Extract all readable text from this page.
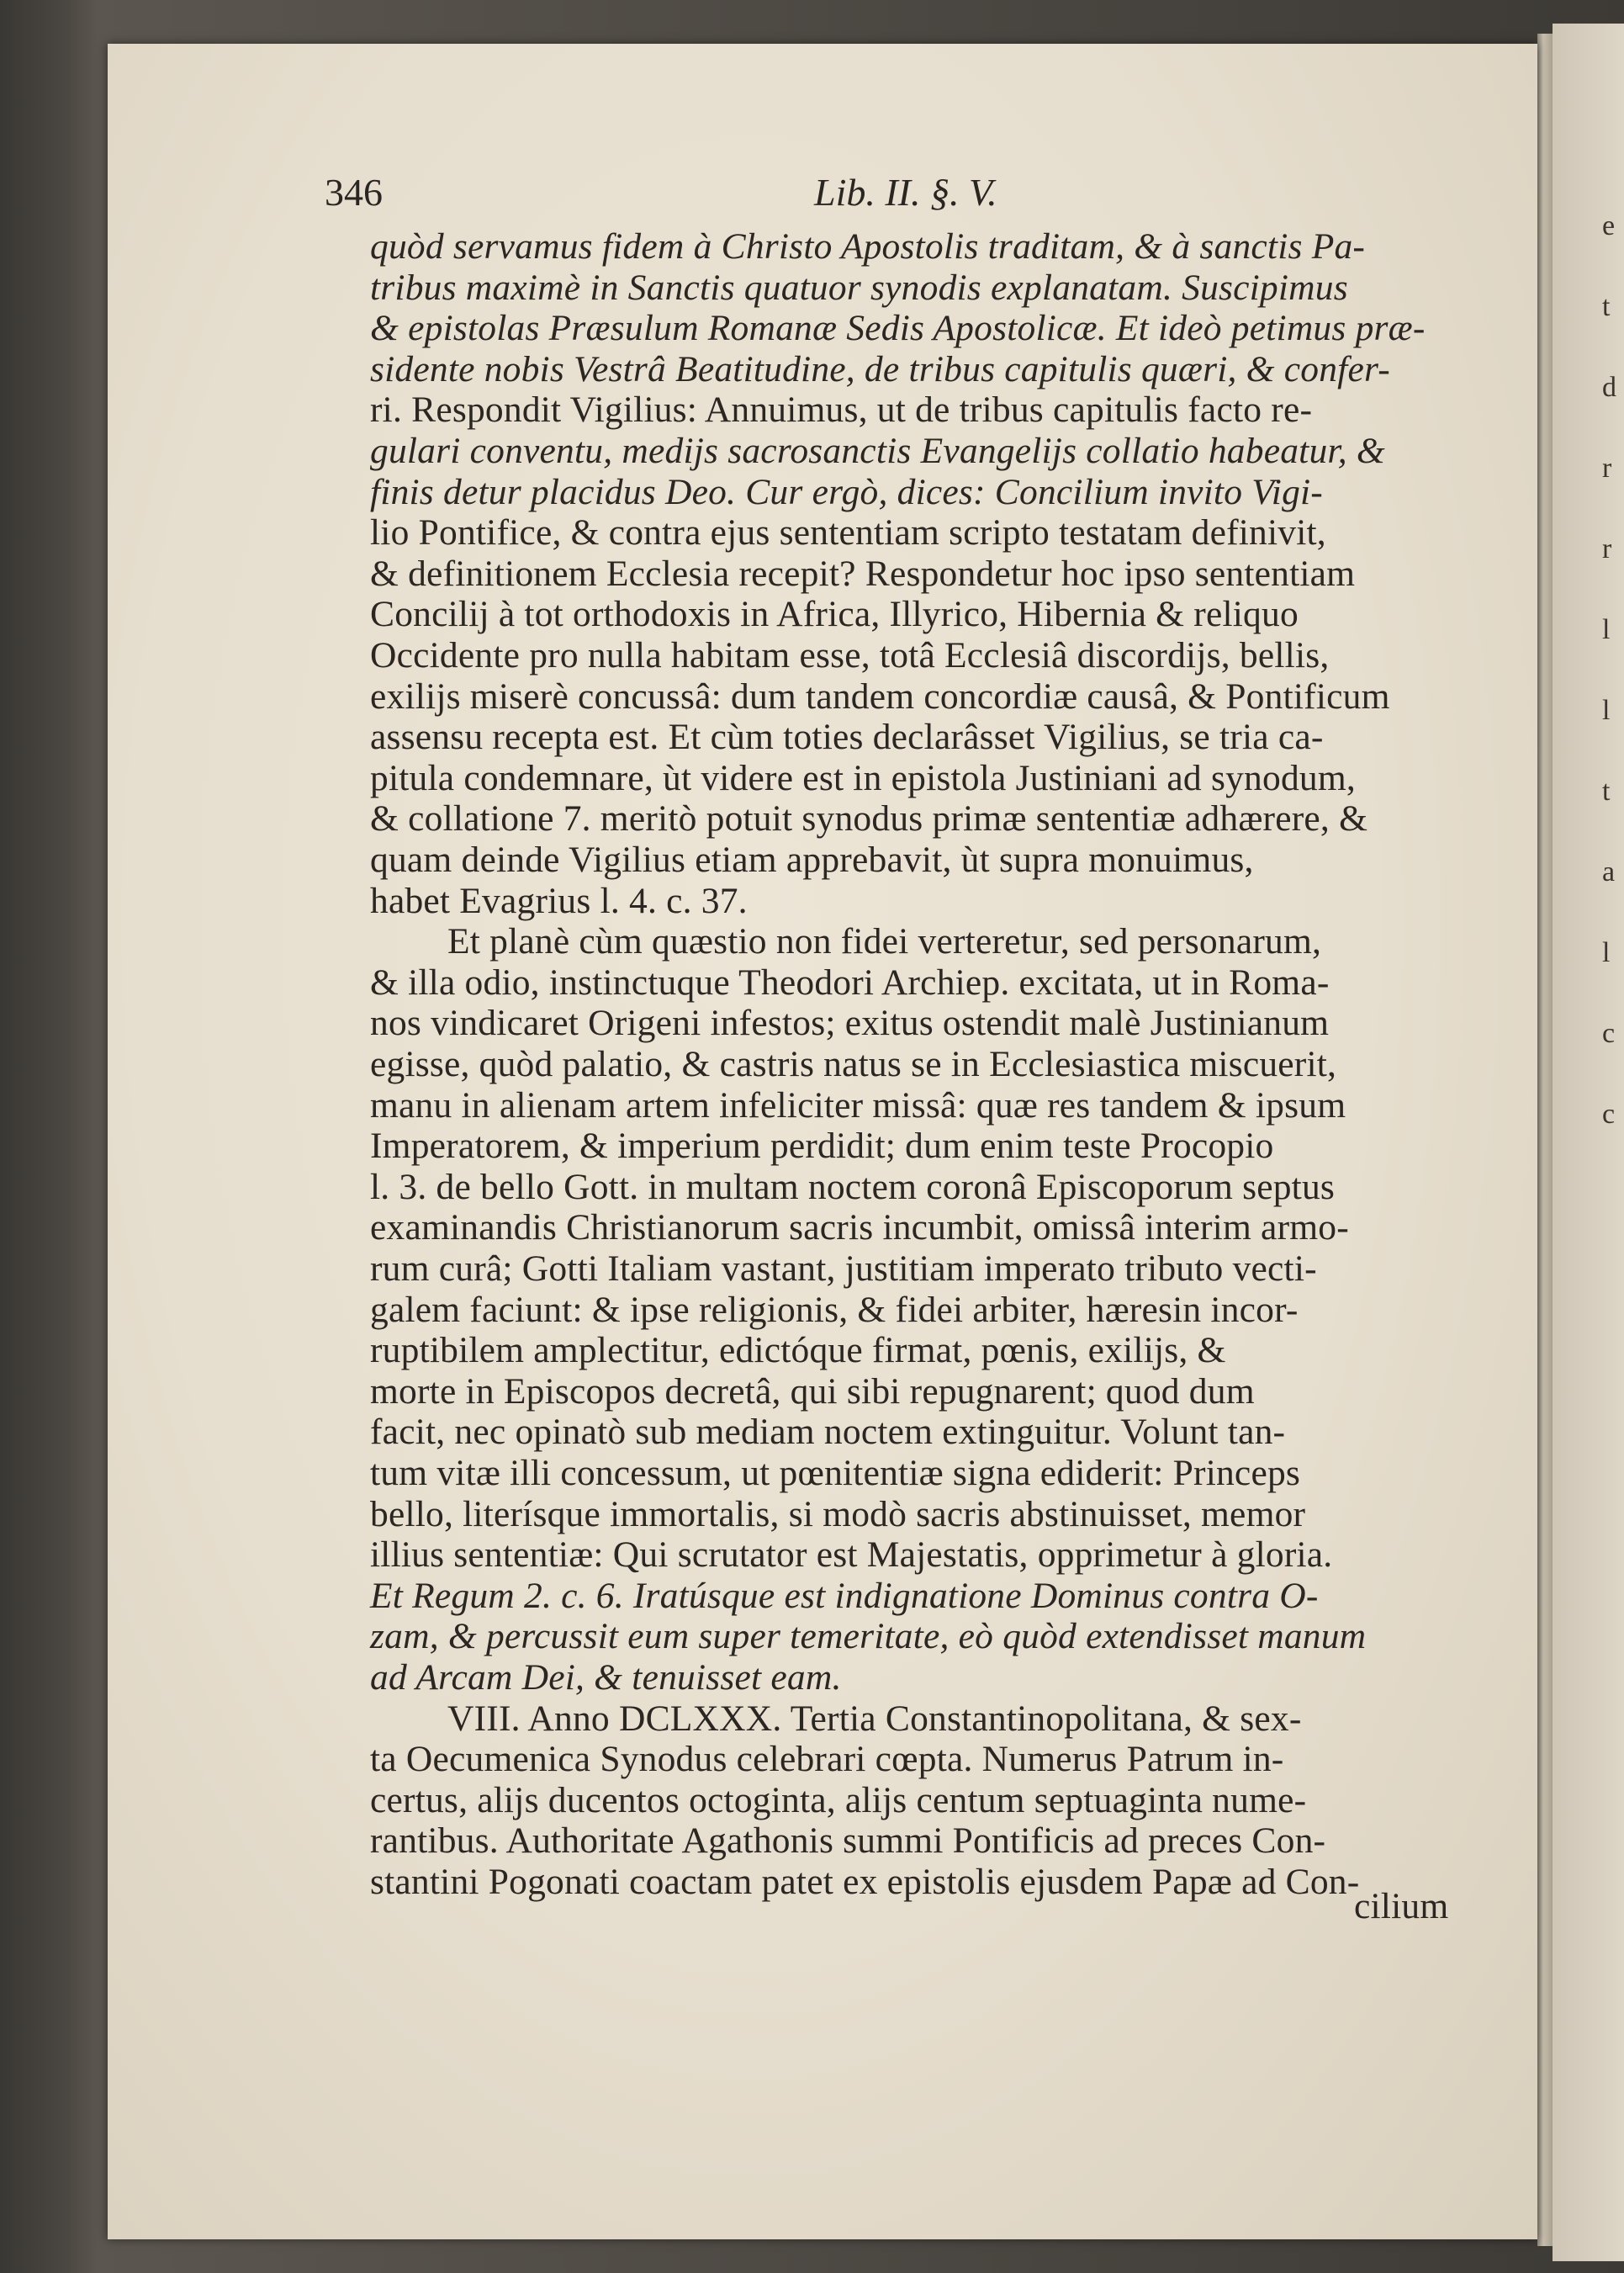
346	Lib. II. §. V.
quòd servamus fidem à Christo Apostolis traditam, & à sanctis Pa-
tribus maximè in Sanctis quatuor synodis explanatam. Suscipimus
& epistolas Præsulum Romanæ Sedis Apostolicæ. Et ideò petimus præ-
sidente nobis Vestrâ Beatitudine, de tribus capitulis quæri, & confer-
ri. Respondit Vigilius: Annuimus, ut de tribus capitulis facto re-
gulari conventu, medijs sacrosanctis Evangelijs collatio habeatur, &
finis detur placidus Deo. Cur ergò, dices: Concilium invito Vigi-
lio Pontifice, & contra ejus sententiam scripto testatam definivit,
& definitionem Ecclesia recepit? Respondetur hoc ipso sententiam
Concilij à tot orthodoxis in Africa, Illyrico, Hibernia & reliquo
Occidente pro nulla habitam esse, totâ Ecclesiâ discordijs, bellis,
exilijs miserè concussâ: dum tandem concordiæ causâ, & Pontificum
assensu recepta est. Et cùm toties declarâsset Vigilius, se tria ca-
pitula condemnare, ùt videre est in epistola Justiniani ad synodum,
& collatione 7. meritò potuit synodus primæ sententiæ adhærere, &
quam deinde Vigilius etiam apprebavit, ùt supra monuimus,
habet Evagrius l. 4. c. 37.
Et planè cùm quæstio non fidei verteretur, sed personarum,
& illa odio, instinctuque Theodori Archiep. excitata, ut in Roma-
nos vindicaret Origeni infestos; exitus ostendit malè Justinianum
egisse, quòd palatio, & castris natus se in Ecclesiastica miscuerit,
manu in alienam artem infeliciter missâ: quæ res tandem & ipsum
Imperatorem, & imperium perdidit; dum enim teste Procopio
l. 3. de bello Gott. in multam noctem coronâ Episcoporum septus
examinandis Christianorum sacris incumbit, omissâ interim armo-
rum curâ; Gotti Italiam vastant, justitiam imperato tributo vecti-
galem faciunt: & ipse religionis, & fidei arbiter, hæresin incor-
ruptibilem amplectitur, edictóque firmat, pœnis, exilijs, &
morte in Episcopos decretâ, qui sibi repugnarent; quod dum
facit, nec opinatò sub mediam noctem extinguitur. Volunt tan-
tum vitæ illi concessum, ut pœnitentiæ signa ediderit: Princeps
bello, literísque immortalis, si modò sacris abstinuisset, memor
illius sententiæ: Qui scrutator est Majestatis, opprimetur à gloria.
Et Regum 2. c. 6. Iratúsque est indignatione Dominus contra O-
zam, & percussit eum super temeritate, eò quòd extendisset manum
ad Arcam Dei, & tenuisset eam.
VIII. Anno DCLXXX. Tertia Constantinopolitana, & sex-
ta Oecumenica Synodus celebrari cœpta. Numerus Patrum in-
certus, alijs ducentos octoginta, alijs centum septuaginta nume-
rantibus. Authoritate Agathonis summi Pontificis ad preces Con-
stantini Pogonati coactam patet ex epistolis ejusdem Papæ ad Con-
cilium
e
t
d
r
r
l
l
t
a
l
c
c
